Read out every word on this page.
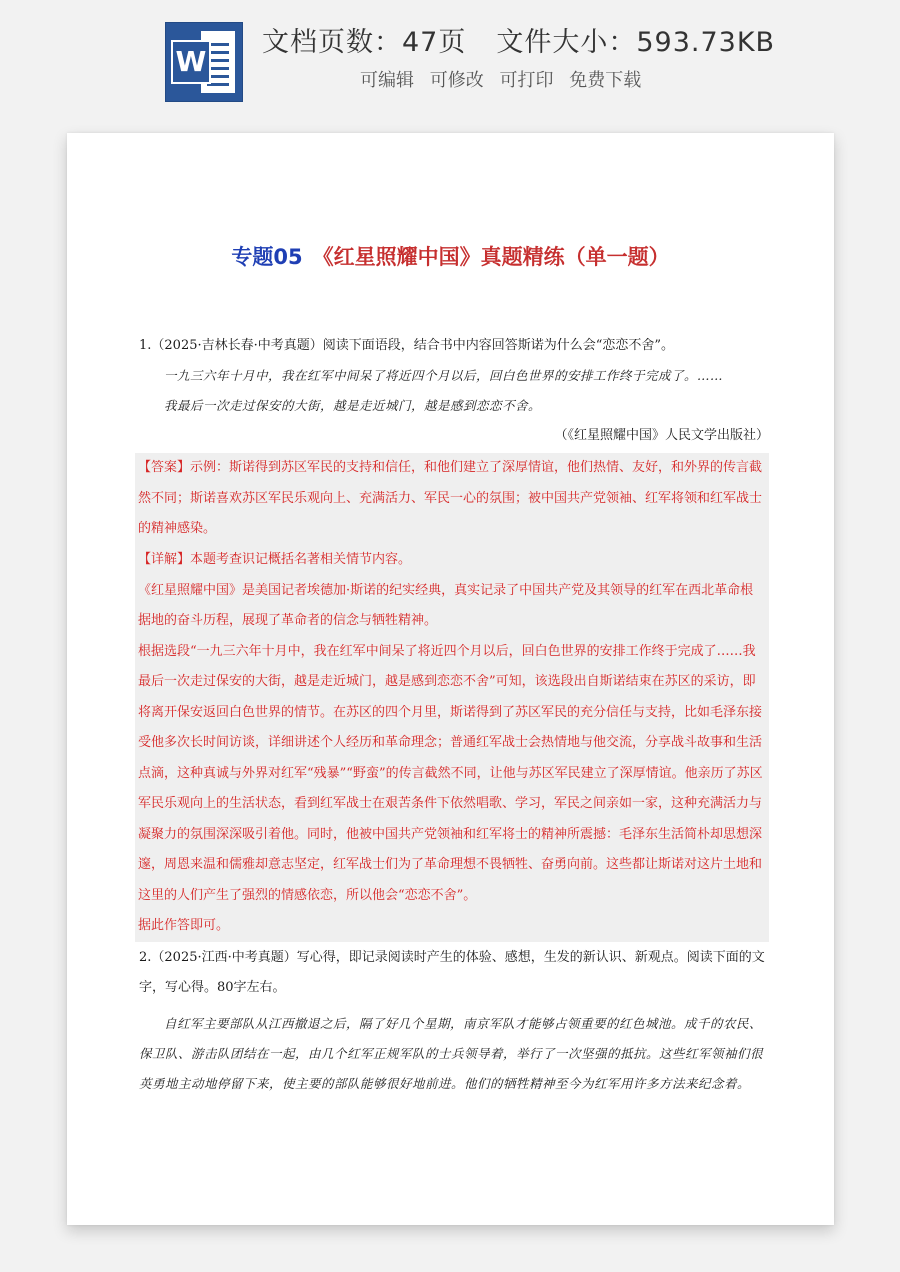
W
文档页数：47页 文件大小：593.73KB
可编辑 可修改 可打印 免费下载
专题05 《红星照耀中国》真题精练（单一题）

1.（2025·吉林长春·中考真题）阅读下面语段，结合书中内容回答斯诺为什么会“恋恋不舍”。

一九三六年十月中，我在红军中间呆了将近四个月以后，回白色世界的安排工作终于完成了。……

我最后一次走过保安的大街，越是走近城门，越是感到恋恋不舍。

（《红星照耀中国》人民文学出版社）

【答案】示例：斯诺得到苏区军民的支持和信任，和他们建立了深厚情谊，他们热情、友好，和外界的传言截然不同；斯诺喜欢苏区军民乐观向上、充满活力、军民一心的氛围；被中国共产党领袖、红军将领和红军战士的精神感染。

【详解】本题考查识记概括名著相关情节内容。

《红星照耀中国》是美国记者埃德加·斯诺的纪实经典，真实记录了中国共产党及其领导的红军在西北革命根据地的奋斗历程，展现了革命者的信念与牺牲精神。

根据选段“一九三六年十月中，我在红军中间呆了将近四个月以后，回白色世界的安排工作终于完成了……我最后一次走过保安的大街，越是走近城门，越是感到恋恋不舍”可知，该选段出自斯诺结束在苏区的采访，即将离开保安返回白色世界的情节。在苏区的四个月里，斯诺得到了苏区军民的充分信任与支持，比如毛泽东接受他多次长时间访谈，详细讲述个人经历和革命理念；普通红军战士会热情地与他交流，分享战斗故事和生活点滴，这种真诚与外界对红军“残暴”“野蛮”的传言截然不同，让他与苏区军民建立了深厚情谊。他亲历了苏区军民乐观向上的生活状态，看到红军战士在艰苦条件下依然唱歌、学习，军民之间亲如一家，这种充满活力与凝聚力的氛围深深吸引着他。同时，他被中国共产党领袖和红军将士的精神所震撼：毛泽东生活简朴却思想深邃，周恩来温和儒雅却意志坚定，红军战士们为了革命理想不畏牺牲、奋勇向前。这些都让斯诺对这片土地和这里的人们产生了强烈的情感依恋，所以他会“恋恋不舍”。

据此作答即可。

2.（2025·江西·中考真题）写心得，即记录阅读时产生的体验、感想，生发的新认识、新观点。阅读下面的文字，写心得。80字左右。

自红军主要部队从江西撤退之后，隔了好几个星期，南京军队才能够占领重要的红色城池。成千的农民、保卫队、游击队团结在一起，由几个红军正规军队的士兵领导着，举行了一次坚强的抵抗。这些红军领袖们很英勇地主动地停留下来，使主要的部队能够很好地前进。他们的牺牲精神至今为红军用许多方法来纪念着。
